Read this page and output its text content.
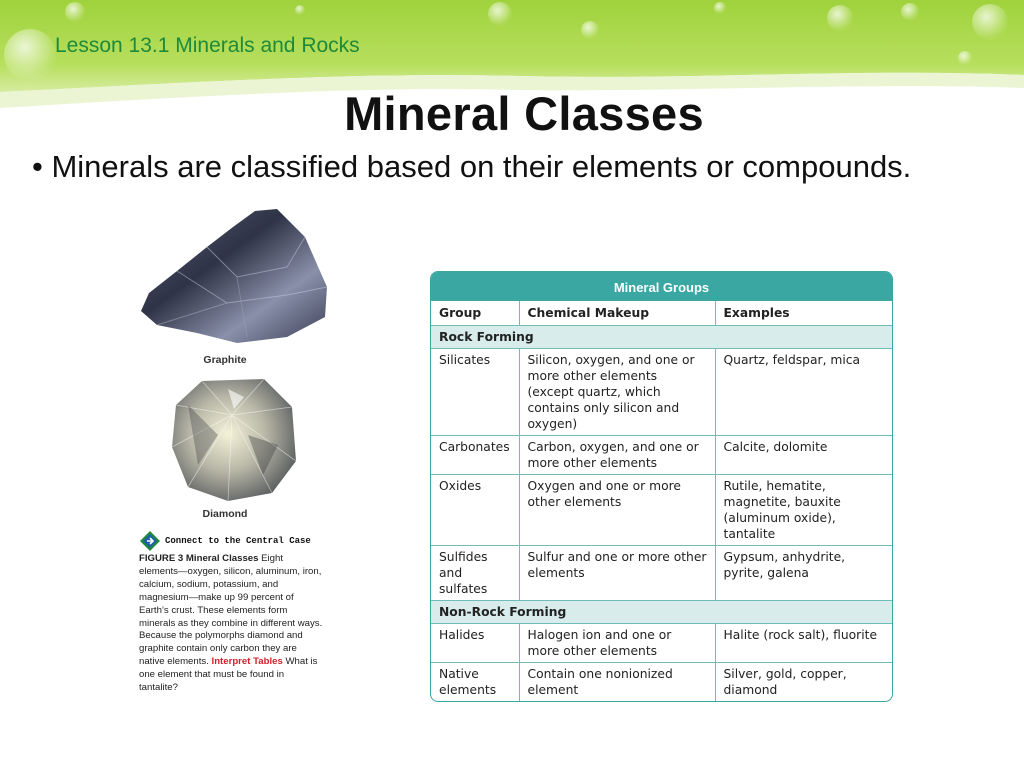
Lesson 13.1 Minerals and Rocks
Mineral Classes
• Minerals are classified based on their elements or compounds.
Graphite
Diamond
Connect to the Central Case
FIGURE 3 Mineral Classes Eight elements—oxygen, silicon, aluminum, iron, calcium, sodium, potassium, and magnesium—make up 99 percent of Earth’s crust. These elements form minerals as they combine in different ways. Because the polymorphs diamond and graphite contain only carbon they are native elements. Interpret Tables What is one element that must be found in tantalite?
Mineral Groups
Group	Chemical Makeup	Examples
Rock Forming		
Silicates	Silicon, oxygen, and one or more other elements (except quartz, which contains only silicon and oxygen)	Quartz, feldspar, mica
Carbonates	Carbon, oxygen, and one or more other elements	Calcite, dolomite
Oxides	Oxygen and one or more other elements	Rutile, hematite, magnetite, bauxite (aluminum oxide), tantalite
Sulfides and sulfates	Sulfur and one or more other elements	Gypsum, anhydrite, pyrite, galena
Non-Rock Forming		
Halides	Halogen ion and one or more other elements	Halite (rock salt), fluorite
Native elements	Contain one nonionized element	Silver, gold, copper, diamond
